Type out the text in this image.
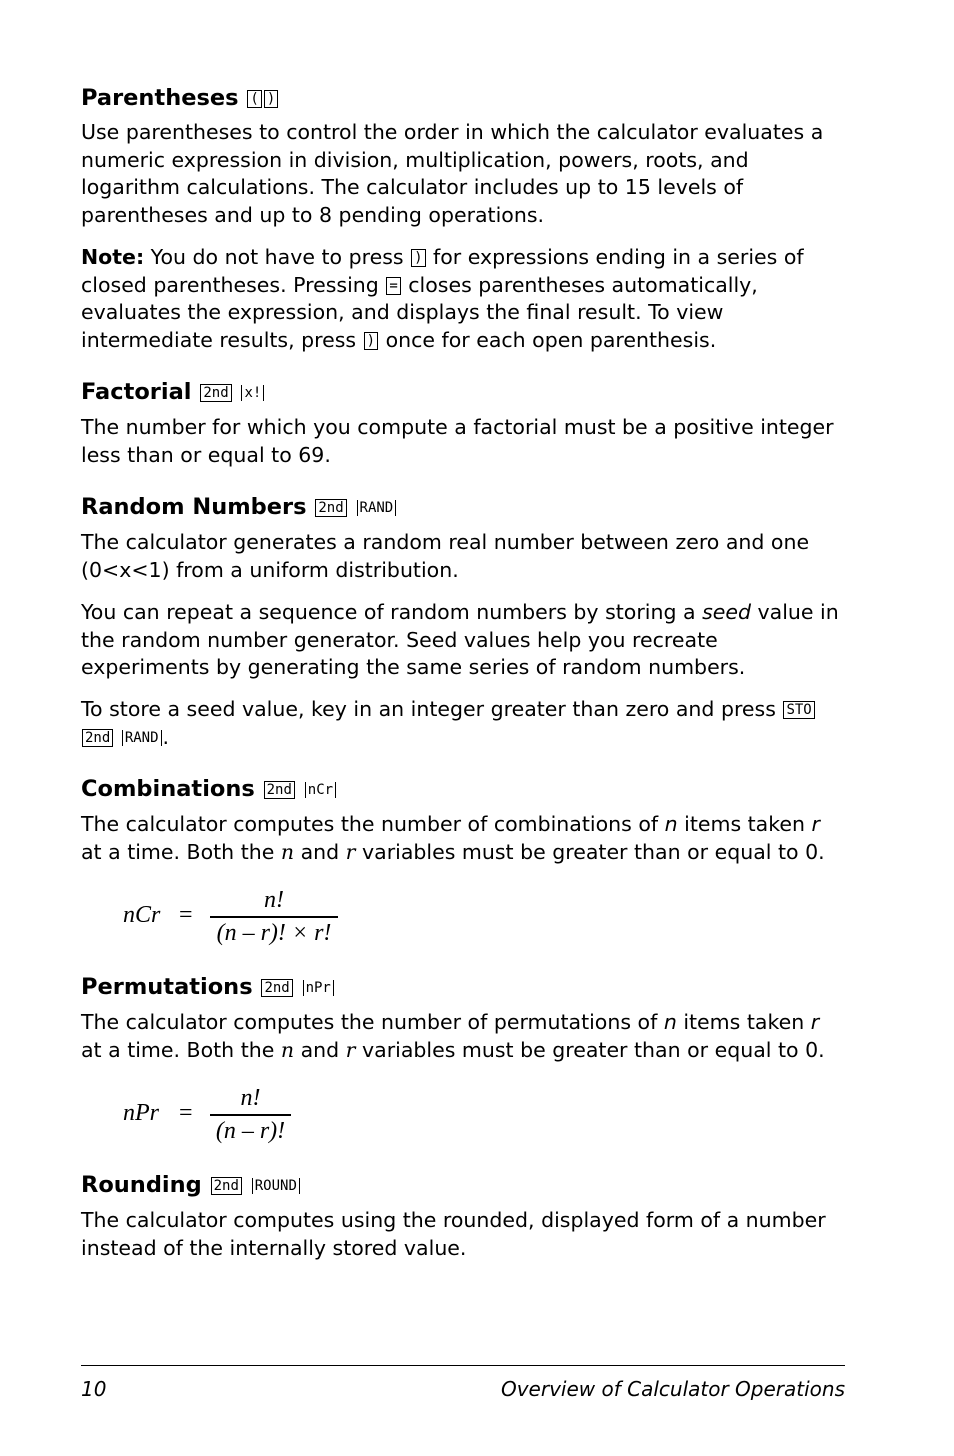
Parentheses ( )

Use parentheses to control the order in which the calculator evaluates a numeric expression in division, multiplication, powers, roots, and logarithm calculations. The calculator includes up to 15 levels of parentheses and up to 8 pending operations.

Note: You do not have to press ) for expressions ending in a series of closed parentheses. Pressing = closes parentheses automatically, evaluates the expression, and displays the final result. To view intermediate results, press ) once for each open parenthesis.

Factorial 2nd x!

The number for which you compute a factorial must be a positive integer less than or equal to 69.

Random Numbers 2nd RAND

The calculator generates a random real number between zero and one (0<x<1) from a uniform distribution.

You can repeat a sequence of random numbers by storing a seed value in the random number generator. Seed values help you recreate experiments by generating the same series of random numbers.

To store a seed value, key in an integer greater than zero and press STO
2nd RAND .

Combinations 2nd nCr

The calculator computes the number of combinations of n items taken r
at a time. Both the n and r variables must be greater than or equal to 0.

nCr =
n!
(n – r)! × r!
Permutations 2nd nPr

The calculator computes the number of permutations of n items taken r
at a time. Both the n and r variables must be greater than or equal to 0.

nPr =
n!
(n – r)!
Rounding 2nd ROUND

The calculator computes using the rounded, displayed form of a number instead of the internally stored value.

10	Overview of Calculator Operations
